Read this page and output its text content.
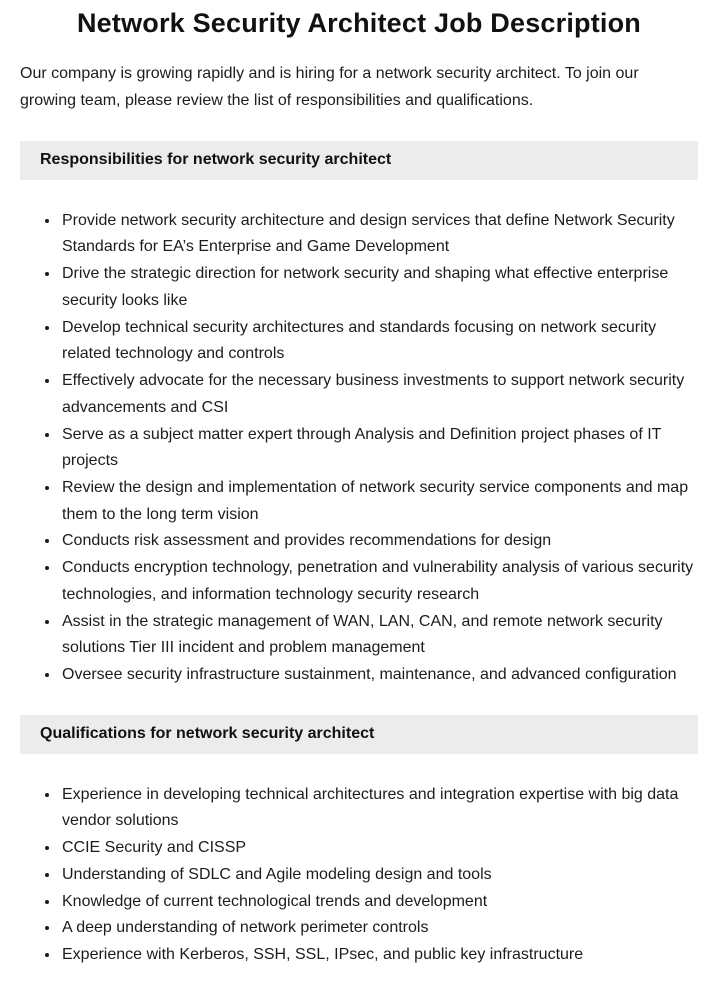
Network Security Architect Job Description

Our company is growing rapidly and is hiring for a network security architect. To join our growing team, please review the list of responsibilities and qualifications.

Responsibilities for network security architect
• Provide network security architecture and design services that define Network Security Standards for EA’s Enterprise and Game Development
• Drive the strategic direction for network security and shaping what effective enterprise security looks like
• Develop technical security architectures and standards focusing on network security related technology and controls
• Effectively advocate for the necessary business investments to support network security advancements and CSI
• Serve as a subject matter expert through Analysis and Definition project phases of IT projects
• Review the design and implementation of network security service components and map them to the long term vision
• Conducts risk assessment and provides recommendations for design
• Conducts encryption technology, penetration and vulnerability analysis of various security technologies, and information technology security research
• Assist in the strategic management of WAN, LAN, CAN, and remote network security solutions Tier III incident and problem management
• Oversee security infrastructure sustainment, maintenance, and advanced configuration
Qualifications for network security architect
• Experience in developing technical architectures and integration expertise with big data vendor solutions
• CCIE Security and CISSP
• Understanding of SDLC and Agile modeling design and tools
• Knowledge of current technological trends and development
• A deep understanding of network perimeter controls
• Experience with Kerberos, SSH, SSL, IPsec, and public key infrastructure
